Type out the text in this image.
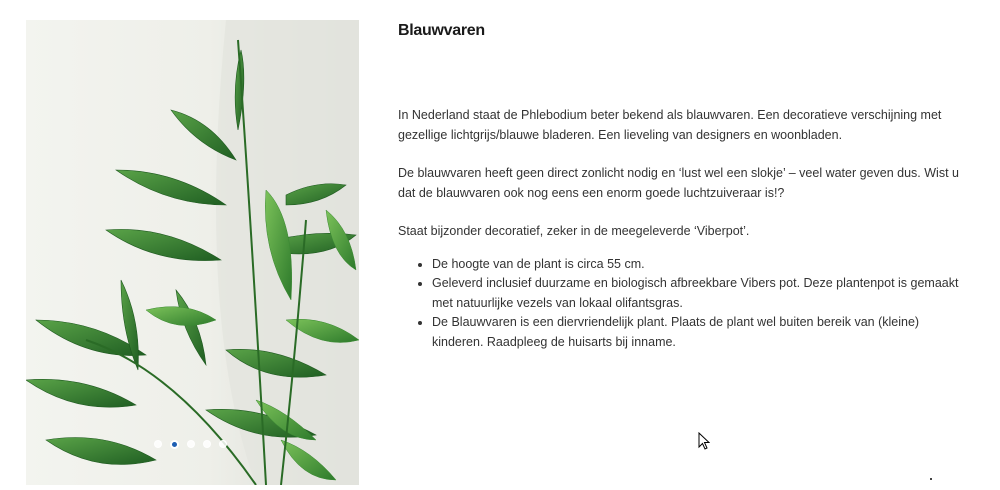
Blauwvaren

In Nederland staat de Phlebodium beter bekend als blauwvaren. Een decoratieve verschijning met gezellige lichtgrijs/blauwe bladeren. Een lieveling van designers en woonbladen.

De blauwvaren heeft geen direct zonlicht nodig en ‘lust wel een slokje’ – veel water geven dus. Wist u dat de blauwvaren ook nog eens een enorm goede luchtzuiveraar is!?

Staat bijzonder decoratief, zeker in de meegeleverde ‘Viberpot’.

• De hoogte van de plant is circa 55 cm.
• Geleverd inclusief duurzame en biologisch afbreekbare Vibers pot. Deze plantenpot is gemaakt met natuurlijke vezels van lokaal olifantsgras.
• De Blauwvaren is een diervriendelijk plant. Plaats de plant wel buiten bereik van (kleine) kinderen. Raadpleeg de huisarts bij inname.
